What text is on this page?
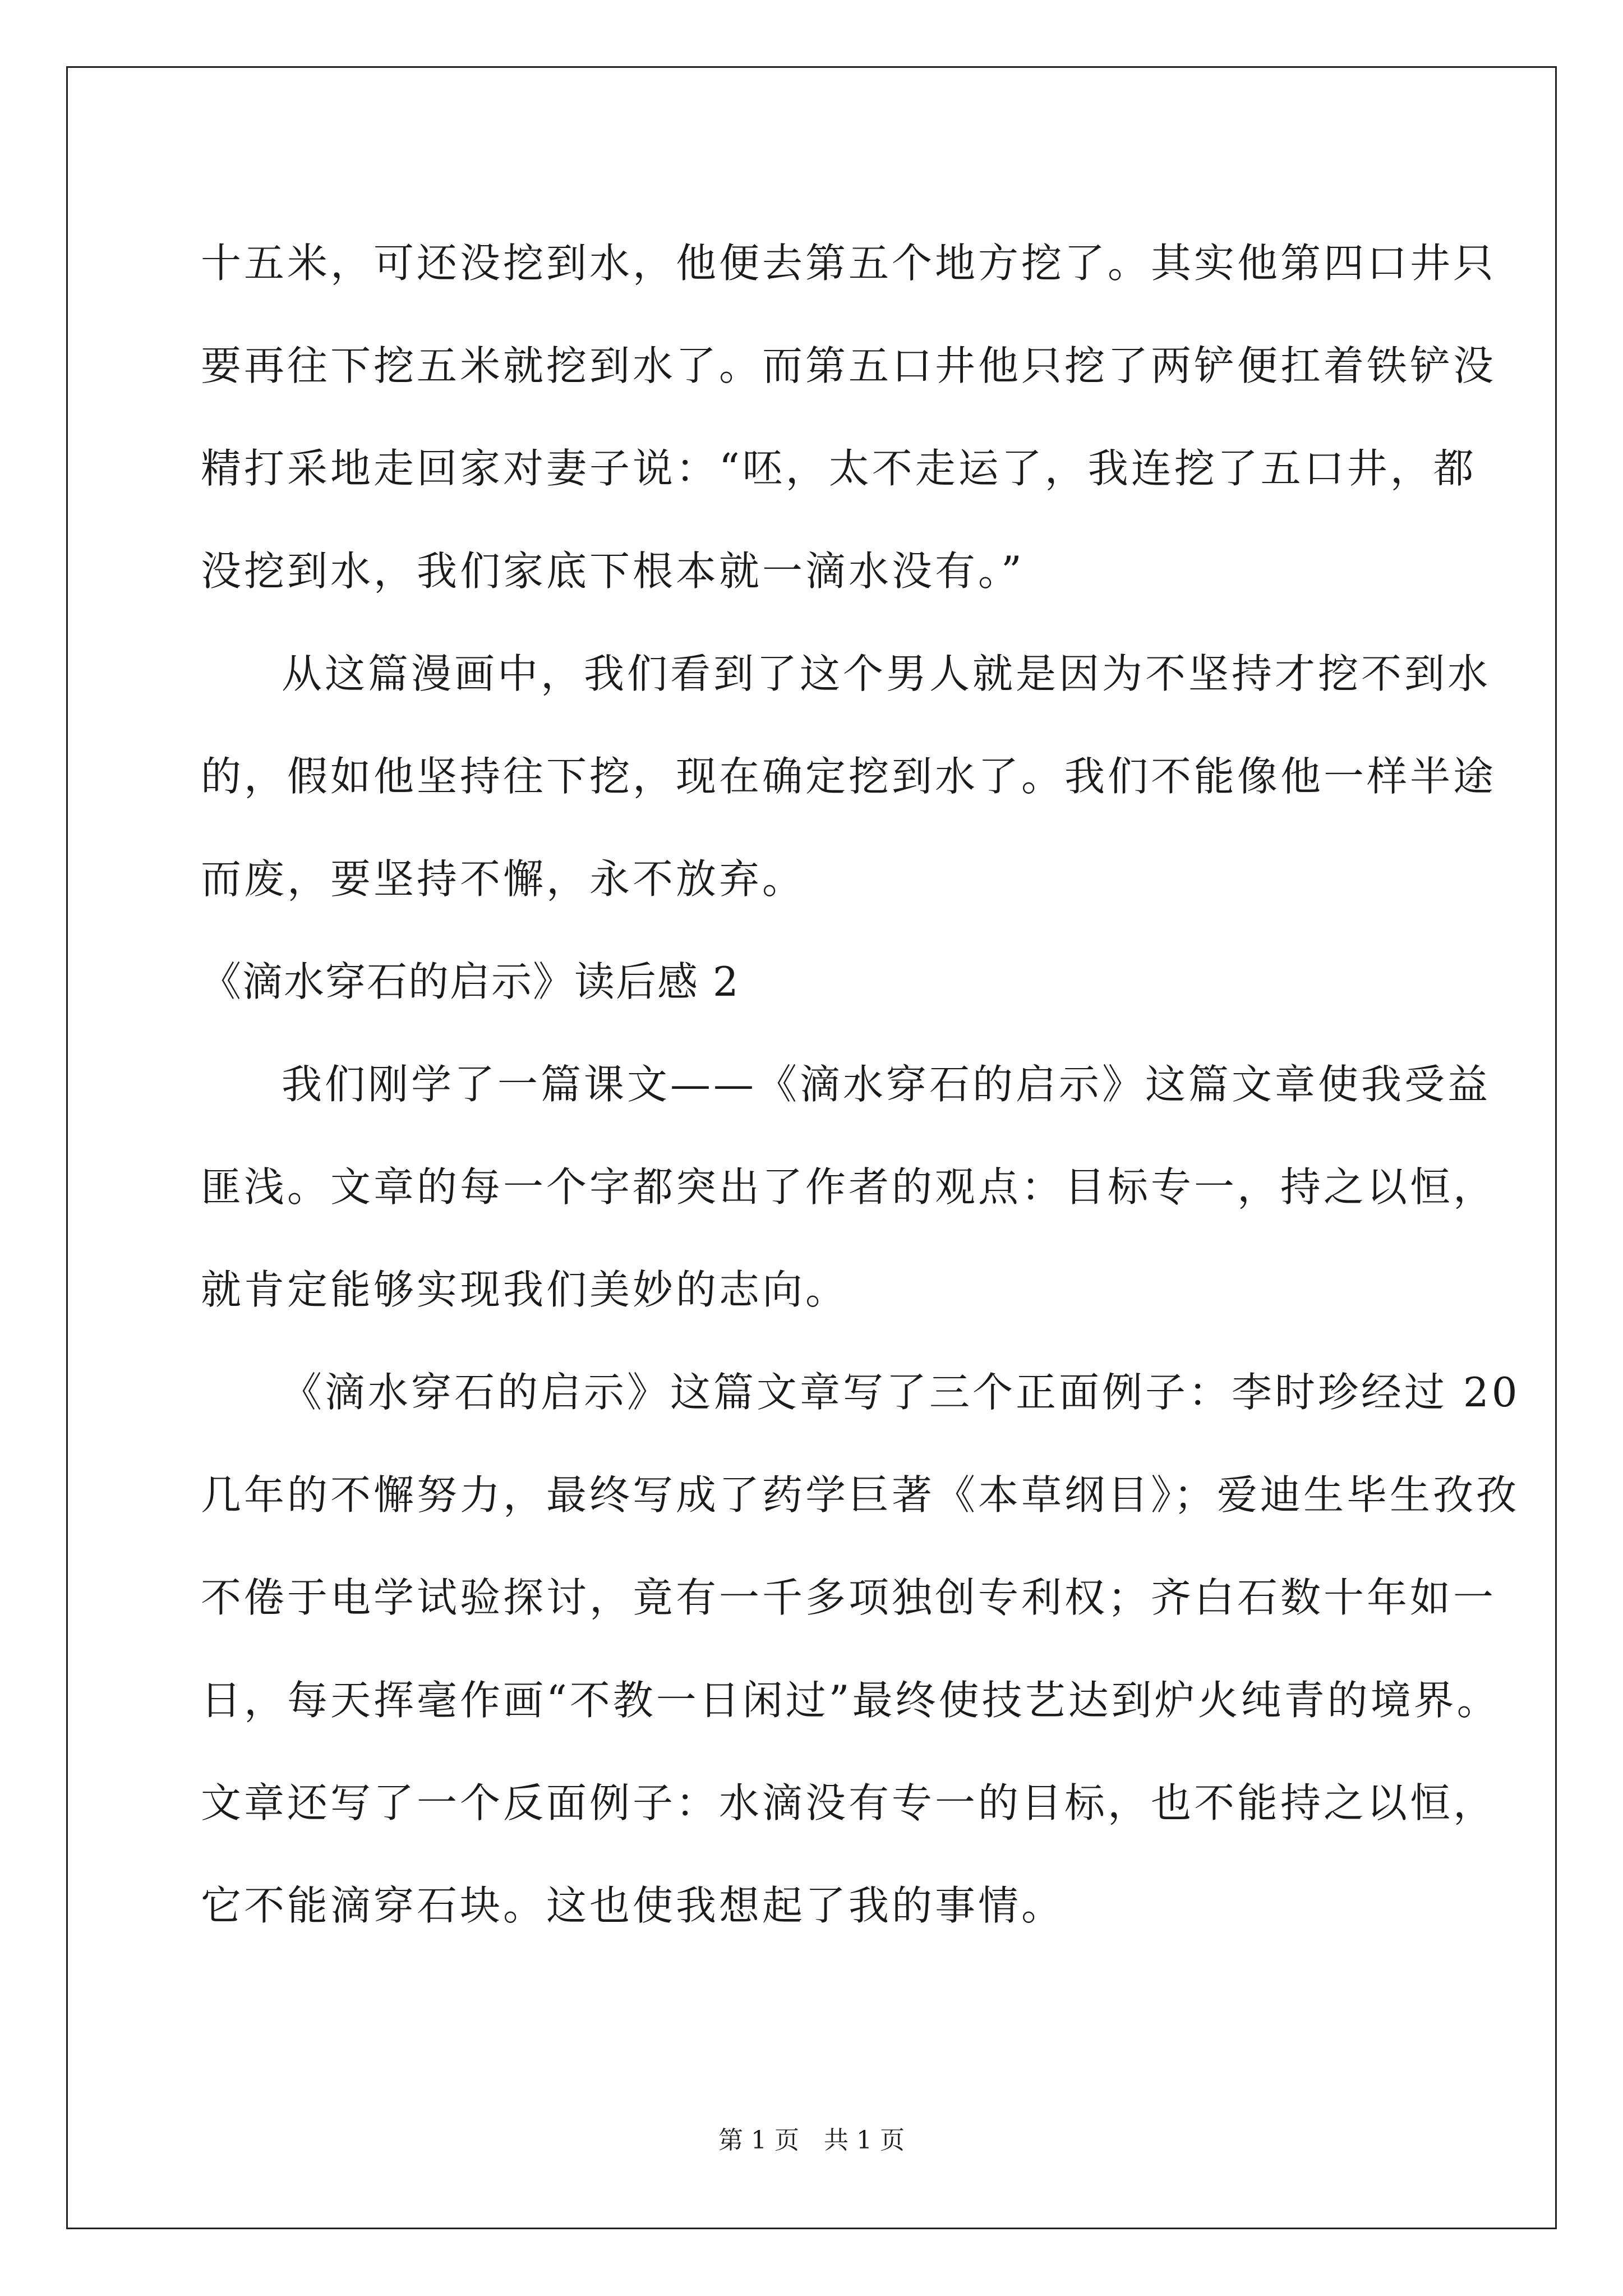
十五米，可还没挖到水，他便去第五个地方挖了。其实他第四口井只
要再往下挖五米就挖到水了。而第五口井他只挖了两铲便扛着铁铲没
精打采地走回家对妻子说：“呸，太不走运了，我连挖了五口井，都
没挖到水，我们家底下根本就一滴水没有。”
从这篇漫画中，我们看到了这个男人就是因为不坚持才挖不到水
的，假如他坚持往下挖，现在确定挖到水了。我们不能像他一样半途
而废，要坚持不懈，永不放弃。
《滴水穿石的启示》读后感 2
我们刚学了一篇课文——《滴水穿石的启示》这篇文章使我受益
匪浅。文章的每一个字都突出了作者的观点：目标专一，持之以恒，
就肯定能够实现我们美妙的志向。
《滴水穿石的启示》这篇文章写了三个正面例子：李时珍经过 20
几年的不懈努力，最终写成了药学巨著《本草纲目》；爱迪生毕生孜孜
不倦于电学试验探讨，竟有一千多项独创专利权；齐白石数十年如一
日，每天挥毫作画“不教一日闲过”最终使技艺达到炉火纯青的境界。
文章还写了一个反面例子：水滴没有专一的目标，也不能持之以恒，
它不能滴穿石块。这也使我想起了我的事情。
第 1 页　共 1 页
